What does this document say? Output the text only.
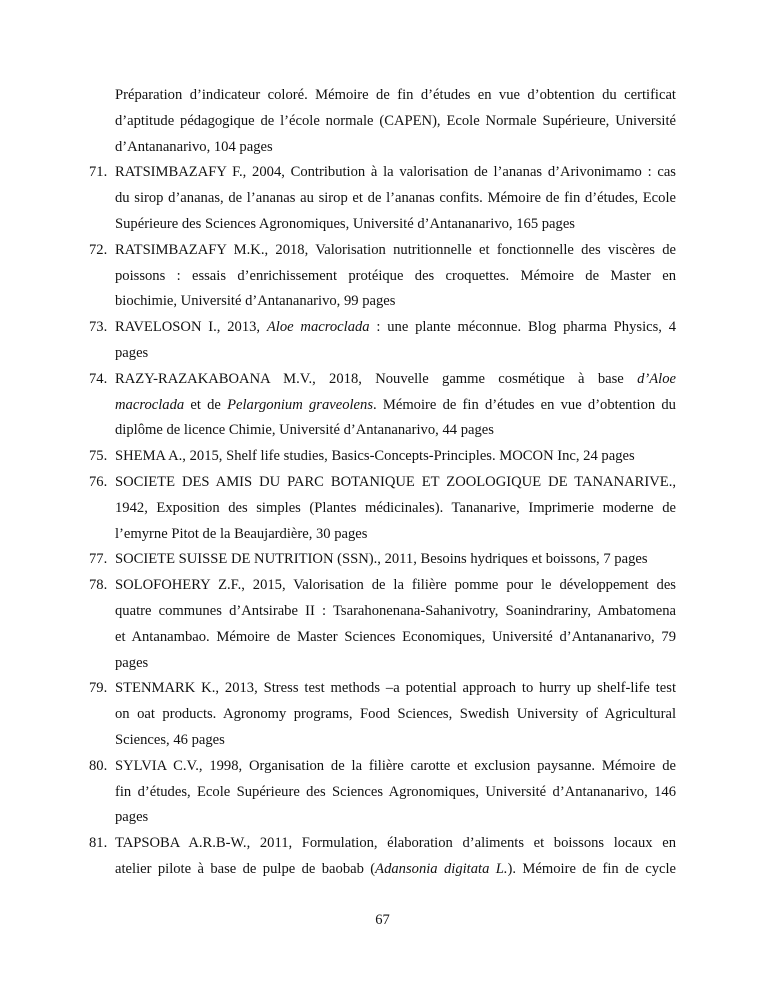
Préparation d’indicateur coloré. Mémoire de fin d’études en vue d’obtention du certificat
d’aptitude pédagogique de l’école normale (CAPEN), Ecole Normale Supérieure, Université
d’Antananarivo, 104 pages
71. RATSIMBAZAFY F., 2004, Contribution à la valorisation de l’ananas d’Arivonimamo : cas
du sirop d’ananas, de l’ananas au sirop et de l’ananas confits. Mémoire de fin d’études, Ecole
Supérieure des Sciences Agronomiques, Université d’Antananarivo, 165 pages
72. RATSIMBAZAFY M.K., 2018, Valorisation nutritionnelle et fonctionnelle des viscères de
poissons : essais d’enrichissement protéique des croquettes. Mémoire de Master en
biochimie, Université d’Antananarivo, 99 pages
73. RAVELOSON I., 2013, Aloe macroclada : une plante méconnue. Blog pharma Physics, 4
pages
74. RAZY-RAZAKABOANA M.V., 2018, Nouvelle gamme cosmétique à base d’Aloe
macroclada et de Pelargonium graveolens. Mémoire de fin d’études en vue d’obtention du
diplôme de licence Chimie, Université d’Antananarivo, 44 pages
75. SHEMA A., 2015, Shelf life studies, Basics-Concepts-Principles. MOCON Inc, 24 pages
76. SOCIETE DES AMIS DU PARC BOTANIQUE ET ZOOLOGIQUE DE TANANARIVE.,
1942, Exposition des simples (Plantes médicinales). Tananarive, Imprimerie moderne de
l’emyrne Pitot de la Beaujardière, 30 pages
77. SOCIETE SUISSE DE NUTRITION (SSN)., 2011, Besoins hydriques et boissons, 7 pages
78. SOLOFOHERY Z.F., 2015, Valorisation de la filière pomme pour le développement des
quatre communes d’Antsirabe II : Tsarahonenana-Sahanivotry, Soanindrariny, Ambatomena
et Antanambao. Mémoire de Master Sciences Economiques, Université d’Antananarivo, 79
pages
79. STENMARK K., 2013, Stress test methods –a potential approach to hurry up shelf-life test
on oat products. Agronomy programs, Food Sciences, Swedish University of Agricultural
Sciences, 46 pages
80. SYLVIA C.V., 1998, Organisation de la filière carotte et exclusion paysanne. Mémoire de
fin d’études, Ecole Supérieure des Sciences Agronomiques, Université d’Antananarivo, 146
pages
81. TAPSOBA A.R.B-W., 2011, Formulation, élaboration d’aliments et boissons locaux en
atelier pilote à base de pulpe de baobab (Adansonia digitata L.). Mémoire de fin de cycle
67
